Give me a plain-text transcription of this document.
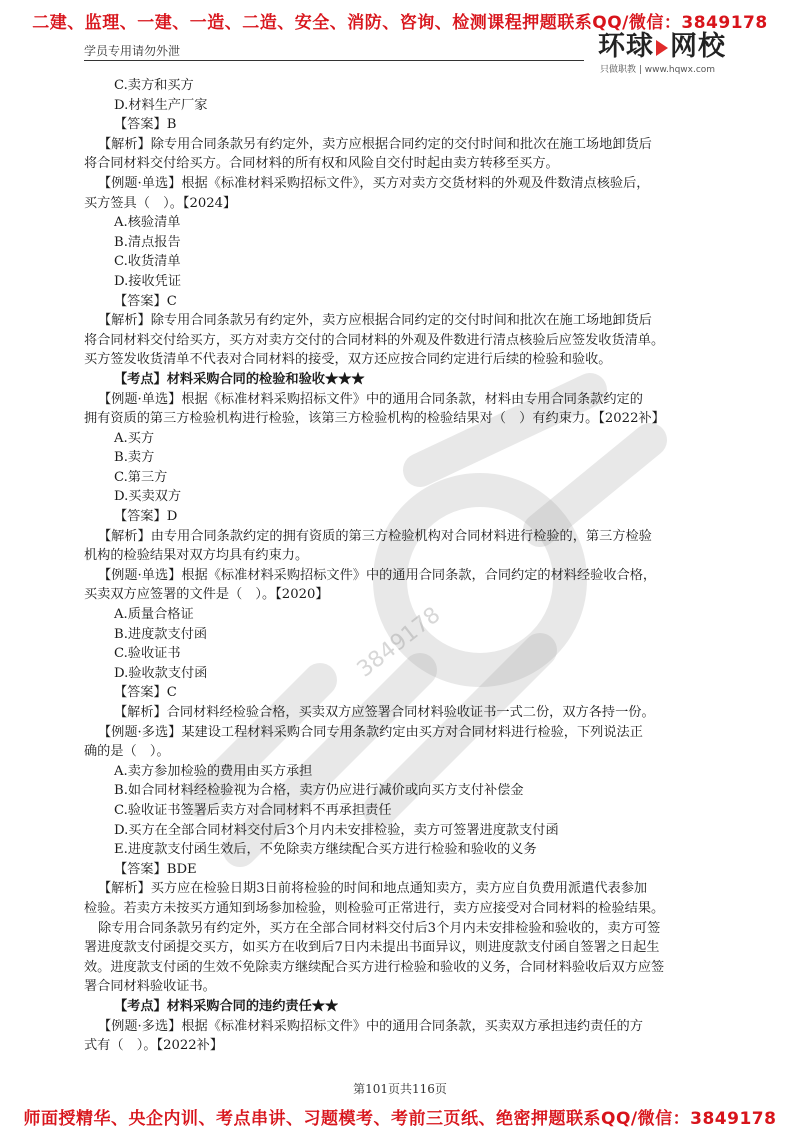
二建、监理、一建、一造、二造、安全、消防、咨询、检测课程押题联系QQ/微信：3849178
学员专用请勿外泄	环球 网校
只做职教 | www.hqwx.com
3849178

C.卖方和买方

D.材料生产厂家

【答案】B

【解析】除专用合同条款另有约定外，卖方应根据合同约定的交付时间和批次在施工场地卸货后

将合同材料交付给买方。合同材料的所有权和风险自交付时起由卖方转移至买方。

【例题·单选】根据《标准材料采购招标文件》，买方对卖方交货材料的外观及件数清点核验后，

买方签具（　）。【2024】

A.核验清单

B.清点报告

C.收货清单

D.接收凭证

【答案】C

【解析】除专用合同条款另有约定外，卖方应根据合同约定的交付时间和批次在施工场地卸货后

将合同材料交付给买方，买方对卖方交付的合同材料的外观及件数进行清点核验后应签发收货清单。

买方签发收货清单不代表对合同材料的接受，双方还应按合同约定进行后续的检验和验收。

【考点】材料采购合同的检验和验收★★★

【例题·单选】根据《标准材料采购招标文件》中的通用合同条款，材料由专用合同条款约定的

拥有资质的第三方检验机构进行检验，该第三方检验机构的检验结果对（　）有约束力。【2022补】

A.买方

B.卖方

C.第三方

D.买卖双方

【答案】D

【解析】由专用合同条款约定的拥有资质的第三方检验机构对合同材料进行检验的，第三方检验

机构的检验结果对双方均具有约束力。

【例题·单选】根据《标准材料采购招标文件》中的通用合同条款，合同约定的材料经验收合格，

买卖双方应签署的文件是（　）。【2020】

A.质量合格证

B.进度款支付函

C.验收证书

D.验收款支付函

【答案】C

【解析】合同材料经检验合格，买卖双方应签署合同材料验收证书一式二份，双方各持一份。

【例题·多选】某建设工程材料采购合同专用条款约定由买方对合同材料进行检验，下列说法正

确的是（　）。

A.卖方参加检验的费用由买方承担

B.如合同材料经检验视为合格，卖方仍应进行减价或向买方支付补偿金

C.验收证书签署后卖方对合同材料不再承担责任

D.买方在全部合同材料交付后3个月内未安排检验，卖方可签署进度款支付函

E.进度款支付函生效后，不免除卖方继续配合买方进行检验和验收的义务

【答案】BDE

【解析】买方应在检验日期3日前将检验的时间和地点通知卖方，卖方应自负费用派遣代表参加

检验。若卖方未按买方通知到场参加检验，则检验可正常进行，卖方应接受对合同材料的检验结果。

除专用合同条款另有约定外，买方在全部合同材料交付后3个月内未安排检验和验收的，卖方可签

署进度款支付函提交买方，如买方在收到后7日内未提出书面异议，则进度款支付函自签署之日起生

效。进度款支付函的生效不免除卖方继续配合买方进行检验和验收的义务，合同材料验收后双方应签

署合同材料验收证书。

【考点】材料采购合同的违约责任★★

【例题·多选】根据《标准材料采购招标文件》中的通用合同条款，买卖双方承担违约责任的方

式有（　）。【2022补】

第101页共116页
师面授精华、央企内训、考点串讲、习题模考、考前三页纸、绝密押题联系QQ/微信：3849178
